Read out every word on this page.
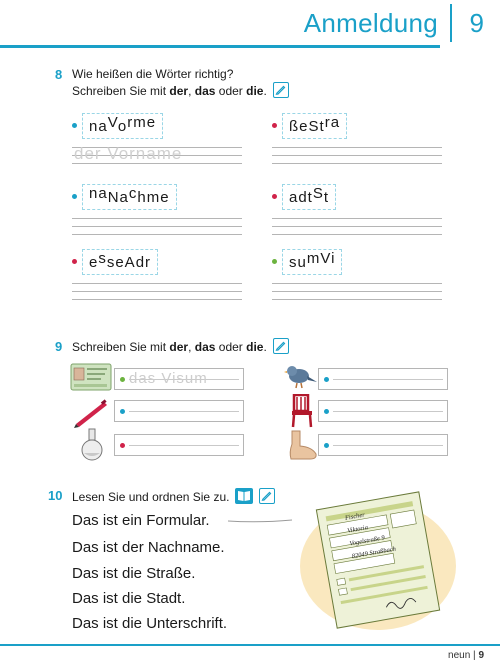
Anmeldung 9
8 Wie heißen die Wörter richtig?
Schreiben Sie mit der, das oder die.
naVorme
der Vorname
ßeStra
naNachme	adtSt
esseAdr	sumVi
9 Schreiben Sie mit der, das oder die.
das Visum
10 Lesen Sie und ordnen Sie zu.
Das ist ein Formular.
Das ist der Nachname.
Das ist die Straße.
Das ist die Stadt.
Das ist die Unterschrift.
Fischer
Viktoria
Vogelstraße 9
82049 Straßbach
neun | 9
